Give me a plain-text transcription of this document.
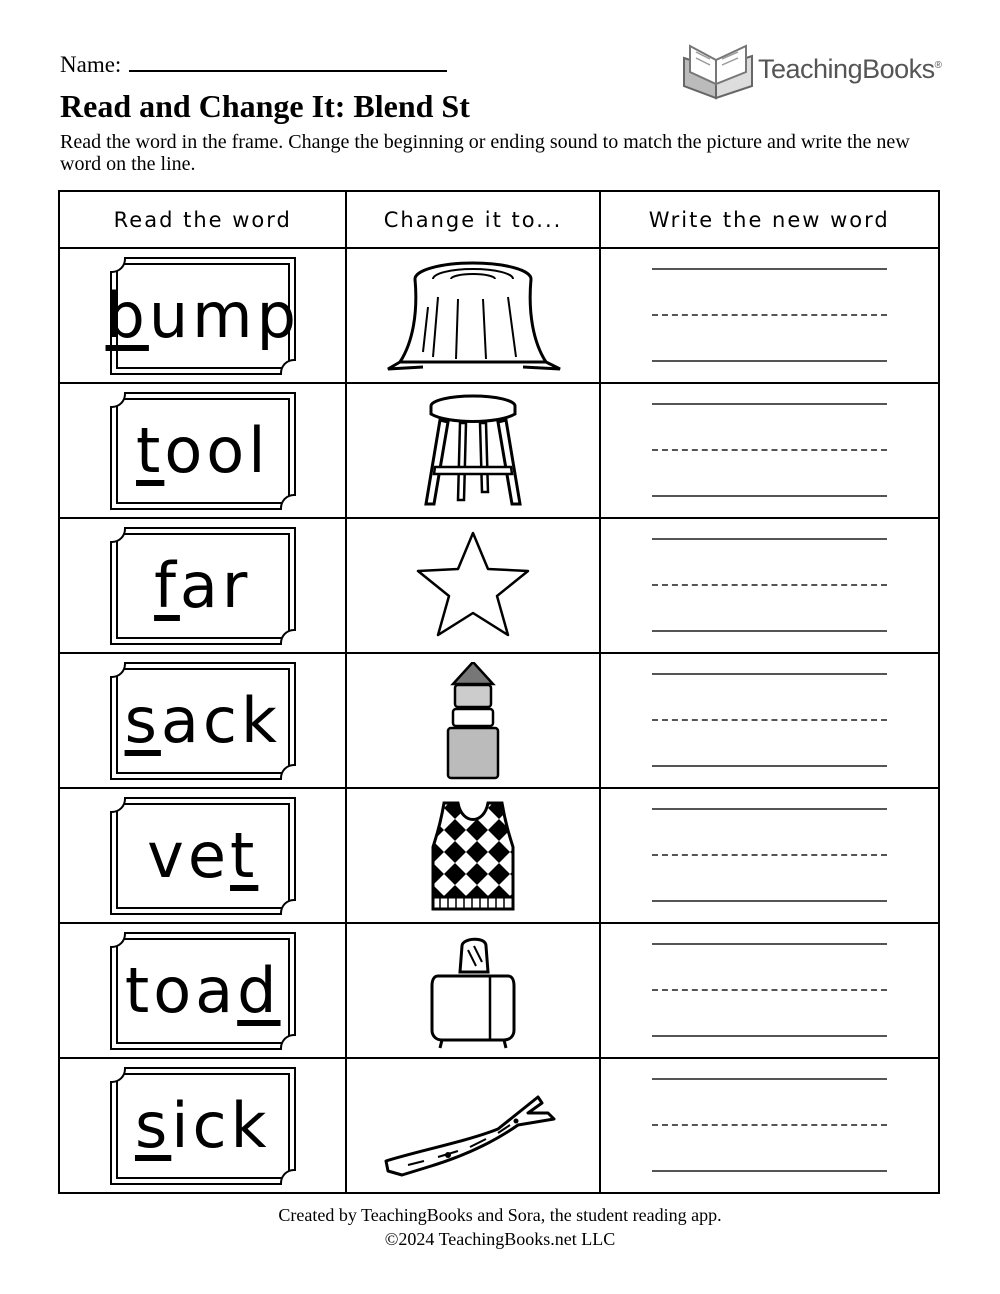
Name:	TeachingBooks®
Read and Change It: Blend St

Read the word in the frame. Change the beginning or ending sound to match the picture and write the new word on the line.

Read the word	Change it to...	Write the new word

b ump

t ool

f ar

s ack

ve t

toa d

s ick

Created by TeachingBooks and Sora, the student reading app.
©2024 TeachingBooks.net LLC
